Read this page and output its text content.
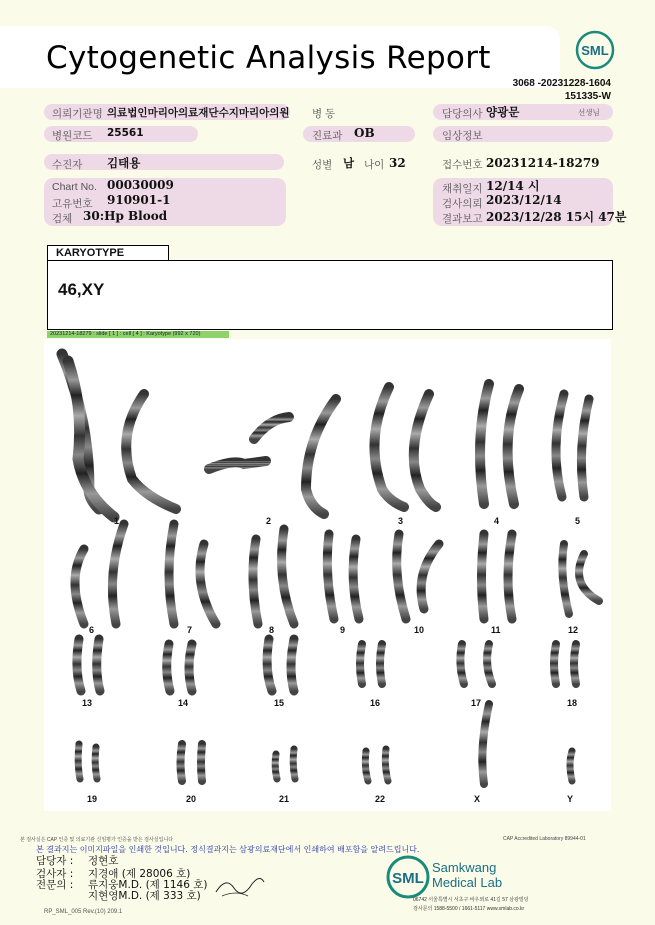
Cytogenetic Analysis Report	SML
3068 -20231228-1604
151335-W
의뢰기관명 의료법인마리아의료재단수지마리아의원 병 동	담당의사 양광문	선생님
병원코드 25561	진료과 OB	임상정보
수진자 김태용	성별 남 나이 32	접수번호 20231214-18279
Chart No. 00030009
고유번호 910901-1
검체 30:Hp Blood
채취일지 12/14 시
검사의뢰 2023/12/14
결과보고 2023/12/28 15시 47분
KARYOTYPE
46,XY
20231214-18279 : slide [ 1 ] : cell [ 4 ] : Karyotype (992 x 720)
1	2	3	4	5
6	7	8	9	10	11	12
13	14	15	16	17	18
19	20	21	22	X	Y
본 검사실은 CAP 인증 및 의료기관 신임평가 인증을 받은 검사실입니다	CAP Accredited Laboratory 89944-01
본 결과지는 이미지파일을 인쇄한 것입니다. 정식결과지는 삼광의료재단에서 인쇄하여 배포함을 알려드립니다.
담당자 : 정현호
검사자 : 지경애 (제 28006 호)
전문의 : 류지웅M.D. (제 1146 호)
지현영M.D. (제 333 호)
RP_SML_005 Rev.(10) 209.1
SML
Samkwang
Medical Lab
06742 서울특별시 서초구 바우뫼로 41길 57 삼광빌딩
검사문의 1588-5500 / 1661-5117 www.smlab.co.kr
